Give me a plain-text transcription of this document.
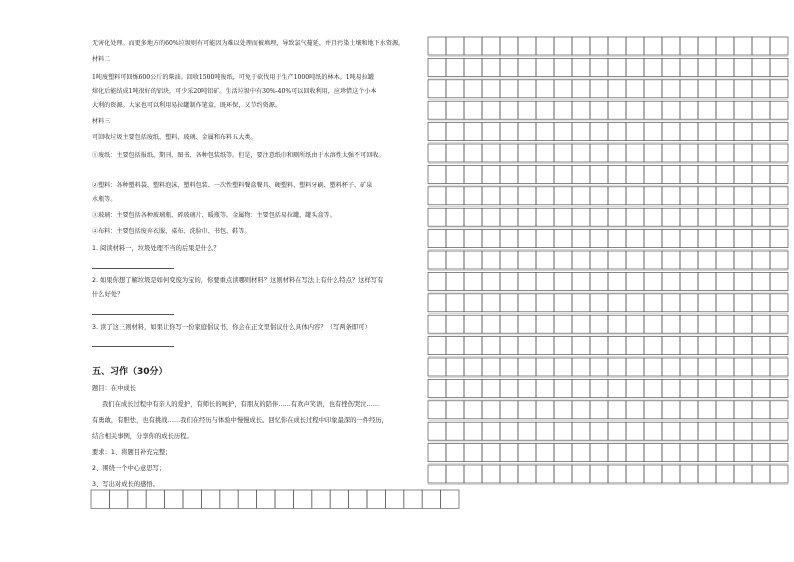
无害化处理。而更多地方的60%垃圾则有可能因为难以处理而被填埋，导致氯气蔓延，并且污染土壤和地下水资源。
材料二
1吨废塑料可回炼600公斤的柴油。回收1500吨废纸，可免于砍伐用于生产1000吨纸的林木。1吨易拉罐
熔化后能结成1吨很好的铝块，可少采20吨铝矿。生活垃圾中有30%-40%可以回收利用，应珍惜这个小本
大利的资源。大家也可以利用易拉罐制作笔盒，既环保，又节约资源。
材料三
可回收垃圾主要包括废纸、塑料、玻璃、金属和布料五大类。
①废纸：主要包括报纸、期刊、图书、各种包装纸等。但是，要注意纸巾和厕所纸由于水溶性太强不可回收。
②塑料：各种塑料袋、塑料泡沫、塑料包装、一次性塑料餐盒餐具、硬塑料、塑料牙刷、塑料杯子、矿泉
水瓶等。
③玻璃：主要包括各种玻璃瓶、碎玻璃片、暖瓶等。金属物：主要包括易拉罐、罐头盒等。
④布料：主要包括废弃衣服、桌布、洗脸巾、书包、鞋等。
1. 阅读材料一，垃圾处理不当的后果是什么？
2. 如果你想了解垃圾是如何变废为宝的，你要重点读哪则材料？这则材料在写法上有什么特点？这样写有
什么好处？
3. 读了这三则材料，如果让你写一份家庭倡议书，你会在正文里倡议什么具体内容？（写两条即可）
五、习作（30分）
题目：在中成长
我们在成长过程中有亲人的爱护，有师长的呵护，有朋友的陪伴……有欢声笑语，也有挫伤哭泣……
有勇敢，有胆怯，也有挑战……我们在经历与体验中慢慢成长。回忆你在成长过程中印象最深的一件经历，
结合相关事例，分享你的成长历程。
要求：1、将题目补充完整；
2、围绕一个中心意思写；
3、写出对成长的感悟。
